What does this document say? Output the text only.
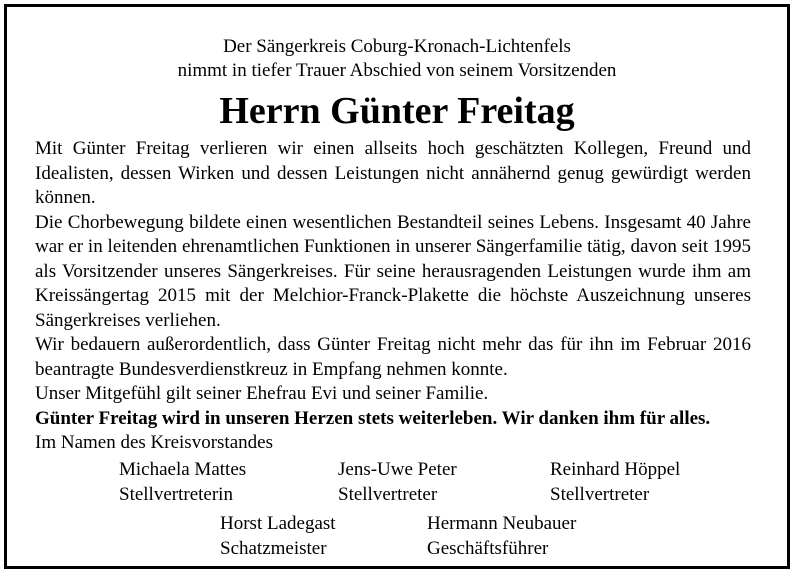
Der Sängerkreis Coburg-Kronach-Lichtenfels
nimmt in tiefer Trauer Abschied von seinem Vorsitzenden
Herrn Günter Freitag

Mit Günter Freitag verlieren wir einen allseits hoch geschätzten Kollegen, Freund und Idealisten, dessen Wirken und dessen Leistungen nicht annähernd genug gewürdigt werden können.

Die Chorbewegung bildete einen wesentlichen Bestandteil seines Lebens. Insgesamt 40 Jahre war er in leitenden ehrenamtlichen Funktionen in unserer Sängerfamilie tätig, davon seit 1995 als Vorsitzender unseres Sängerkreises. Für seine herausragenden Leistungen wurde ihm am Kreissängertag 2015 mit der Melchior-Franck-Plakette die höchste Auszeichnung unseres Sängerkreises verliehen.

Wir bedauern außerordentlich, dass Günter Freitag nicht mehr das für ihn im Februar 2016 beantragte Bundesverdienstkreuz in Empfang nehmen konnte.

Unser Mitgefühl gilt seiner Ehefrau Evi und seiner Familie.

Günter Freitag wird in unseren Herzen stets weiterleben. Wir danken ihm für alles.

Im Namen des Kreisvorstandes

Michaela Mattes
Stellvertreterin
Jens-Uwe Peter
Stellvertreter
Reinhard Höppel
Stellvertreter
Horst Ladegast
Schatzmeister
Hermann Neubauer
Geschäftsführer
